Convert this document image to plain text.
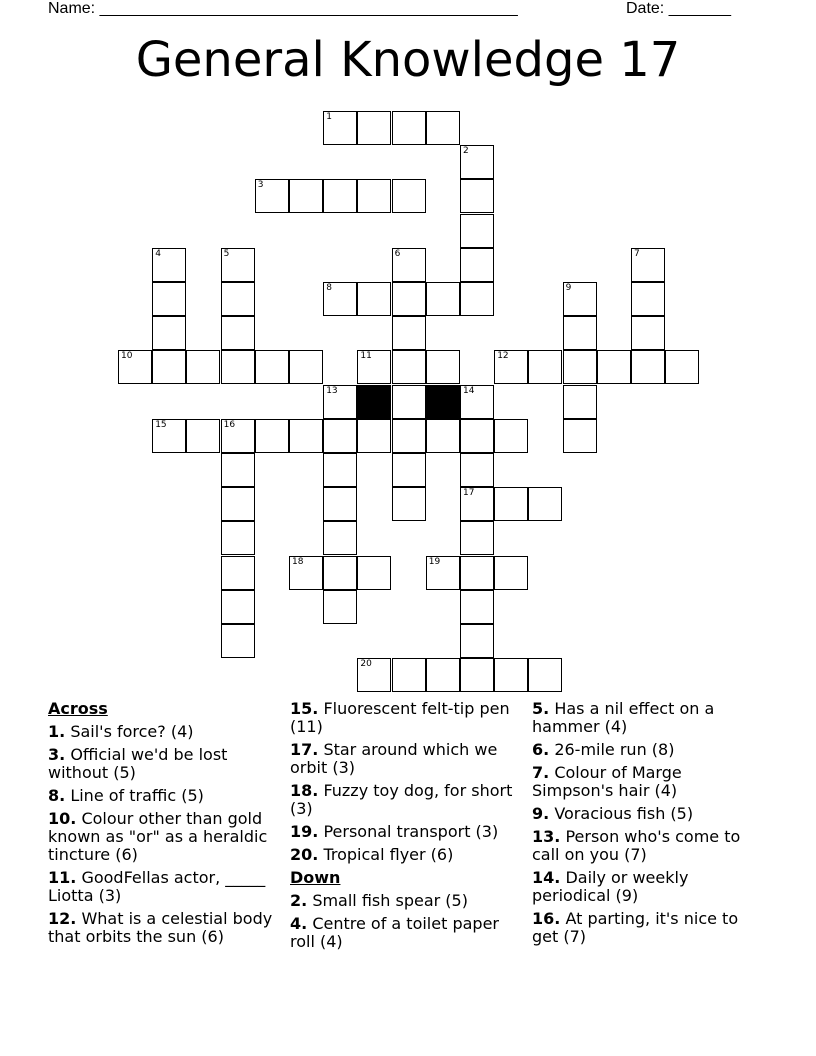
Name: _______________________________________________	Date: _______
General Knowledge 17
1
3
8
10	11	12
15	16
17
18	19
20
2
4	5	6	7
9
13	14
Across
1. Sail's force? (4)
3. Official we'd be lost without (5)
8. Line of traffic (5)
10. Colour other than gold known as "or" as a heraldic tincture (6)
11. GoodFellas actor, _____ Liotta (3)
12. What is a celestial body that orbits the sun (6)
15. Fluorescent felt-tip pen (11)
17. Star around which we orbit (3)
18. Fuzzy toy dog, for short (3)
19. Personal transport (3)
20. Tropical flyer (6)
Down
2. Small fish spear (5)
4. Centre of a toilet paper roll (4)
5. Has a nil effect on a hammer (4)
6. 26-mile run (8)
7. Colour of Marge Simpson's hair (4)
9. Voracious fish (5)
13. Person who's come to call on you (7)
14. Daily or weekly periodical (9)
16. At parting, it's nice to get (7)
